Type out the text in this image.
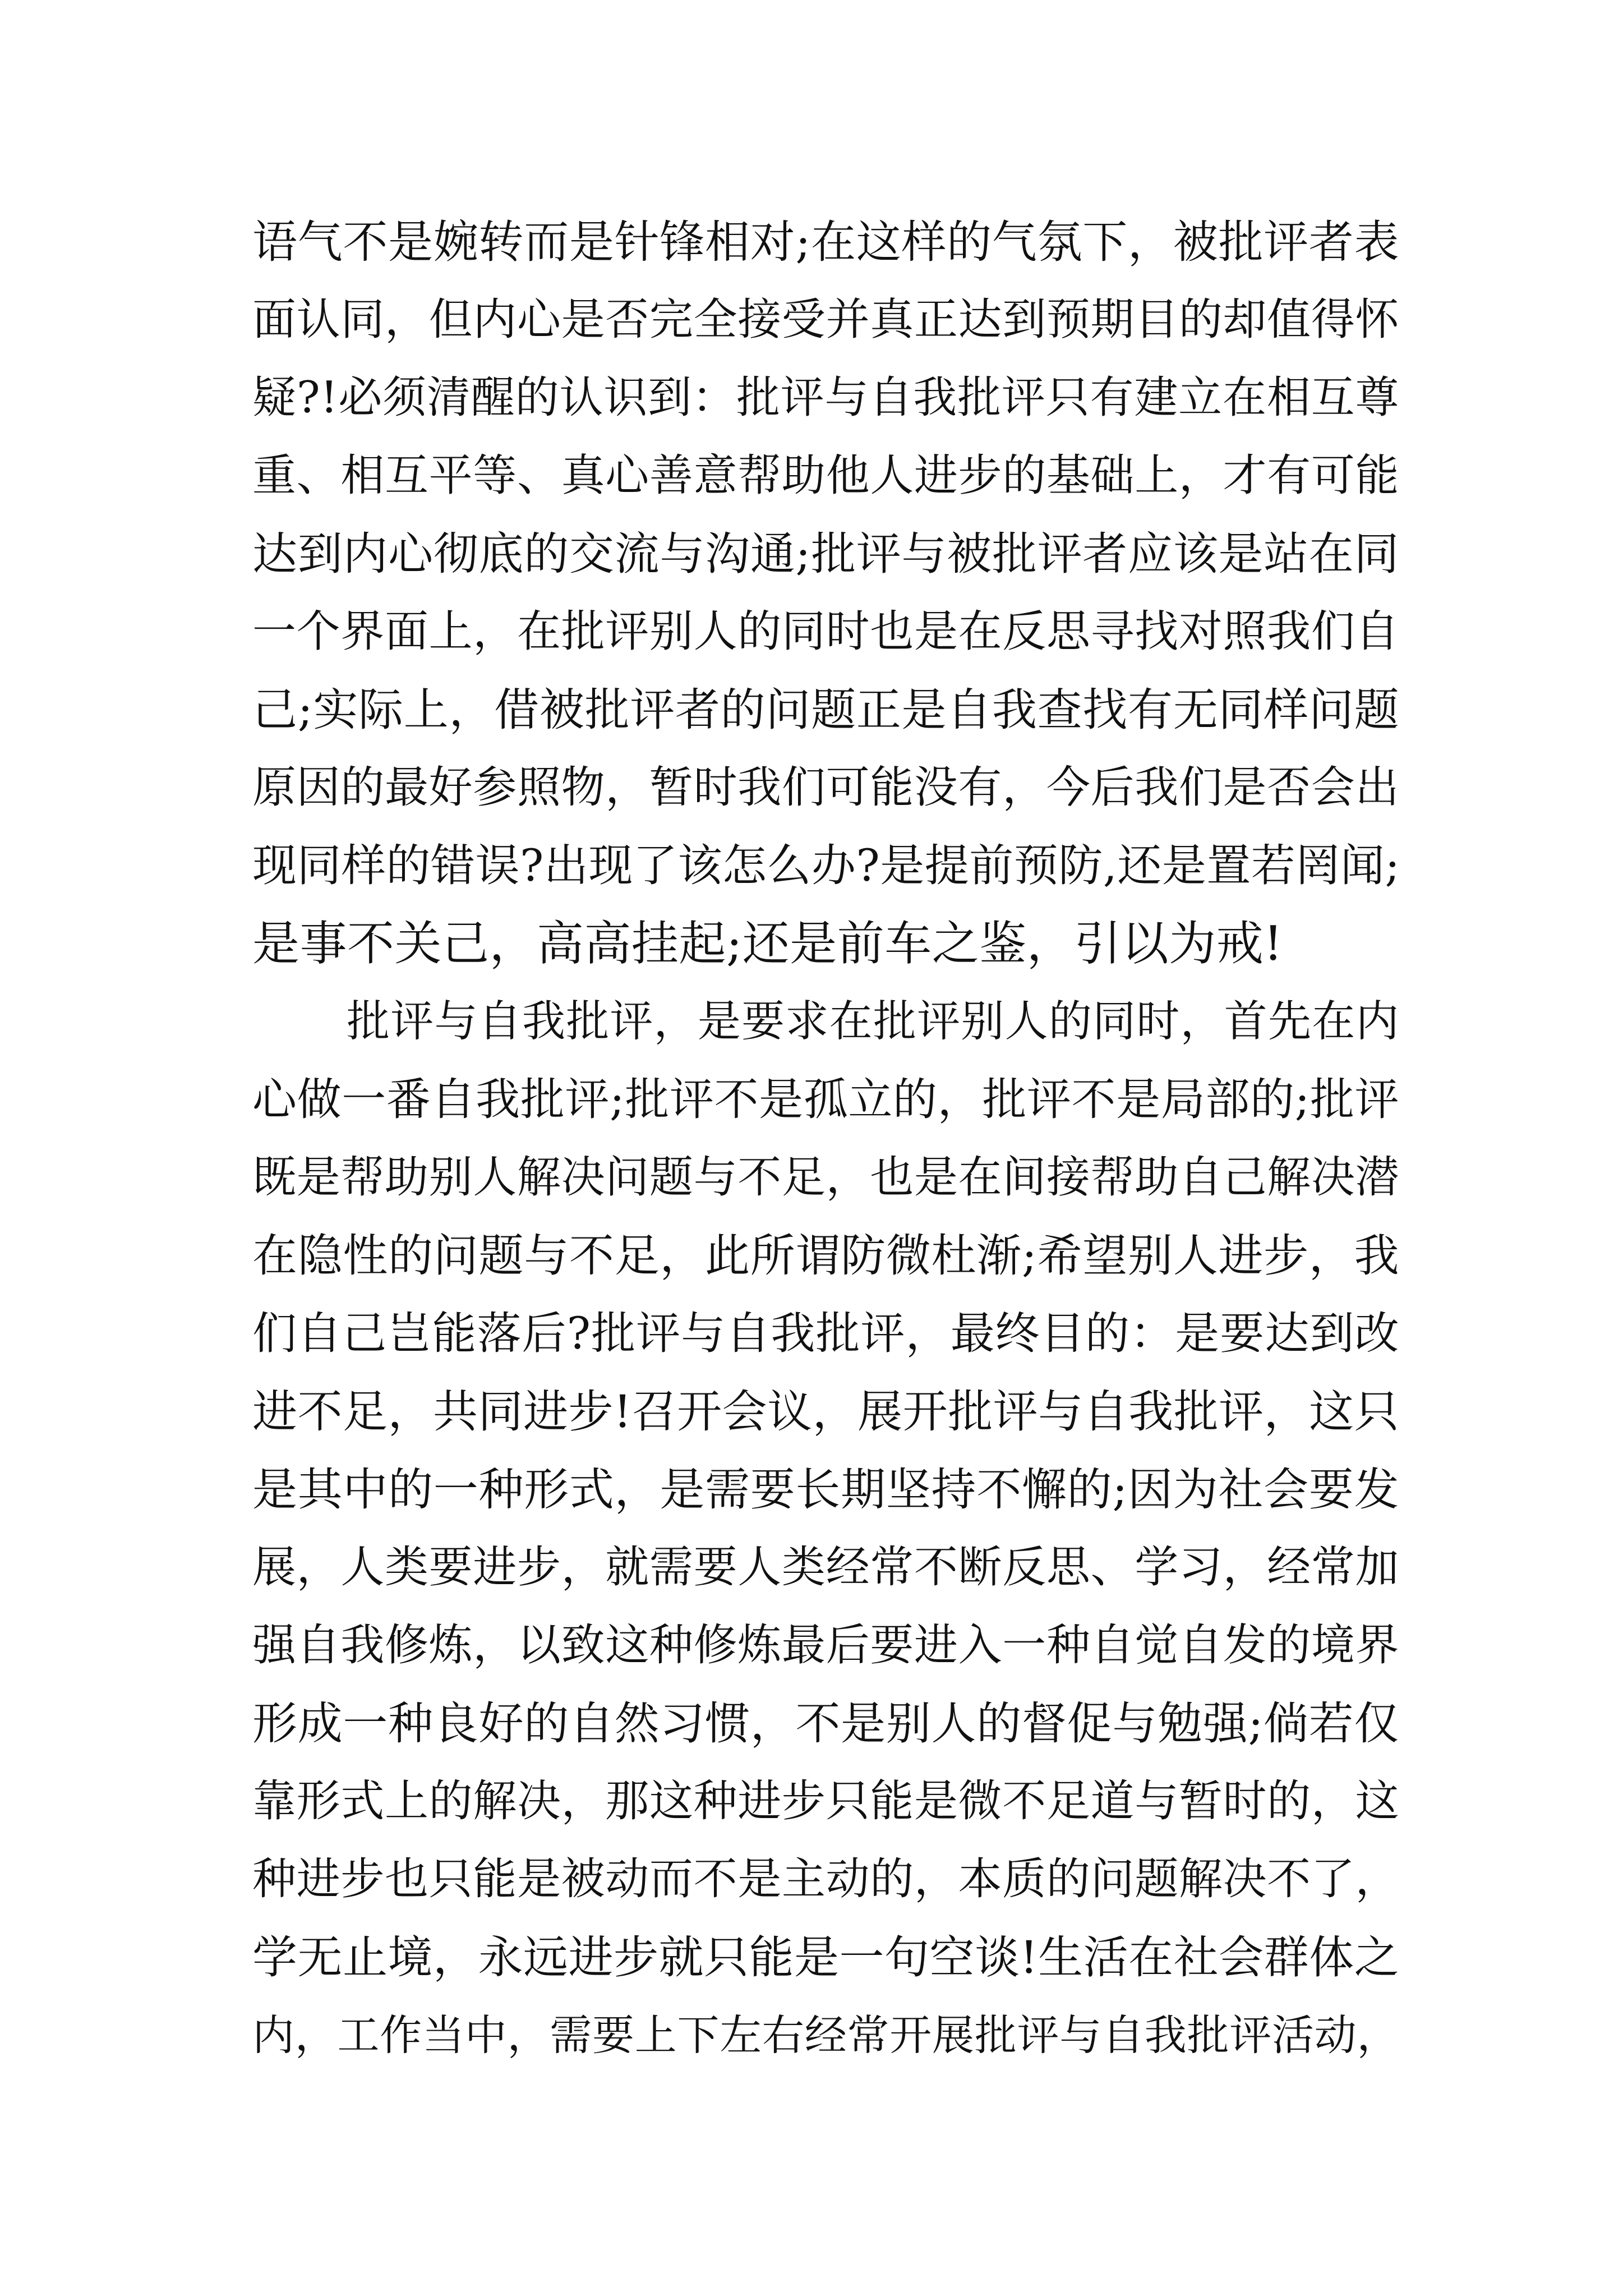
语气不是婉转而是针锋相对;在这样的气氛下，被批评者表
面认同，但内心是否完全接受并真正达到预期目的却值得怀
疑?!必须清醒的认识到：批评与自我批评只有建立在相互尊
重、相互平等、真心善意帮助他人进步的基础上，才有可能
达到内心彻底的交流与沟通;批评与被批评者应该是站在同
一个界面上，在批评别人的同时也是在反思寻找对照我们自
己;实际上，借被批评者的问题正是自我查找有无同样问题
原因的最好参照物，暂时我们可能没有，今后我们是否会出
现同样的错误?出现了该怎么办?是提前预防,还是置若罔闻;
是事不关己，高高挂起;还是前车之鉴，引以为戒!
批评与自我批评，是要求在批评别人的同时，首先在内
心做一番自我批评;批评不是孤立的，批评不是局部的;批评
既是帮助别人解决问题与不足，也是在间接帮助自己解决潜
在隐性的问题与不足，此所谓防微杜渐;希望别人进步，我
们自己岂能落后?批评与自我批评，最终目的：是要达到改
进不足，共同进步!召开会议，展开批评与自我批评，这只
是其中的一种形式，是需要长期坚持不懈的;因为社会要发
展，人类要进步，就需要人类经常不断反思、学习，经常加
强自我修炼，以致这种修炼最后要进入一种自觉自发的境界
形成一种良好的自然习惯，不是别人的督促与勉强;倘若仅
靠形式上的解决，那这种进步只能是微不足道与暂时的，这
种进步也只能是被动而不是主动的，本质的问题解决不了，
学无止境，永远进步就只能是一句空谈!生活在社会群体之
内，工作当中，需要上下左右经常开展批评与自我批评活动，
